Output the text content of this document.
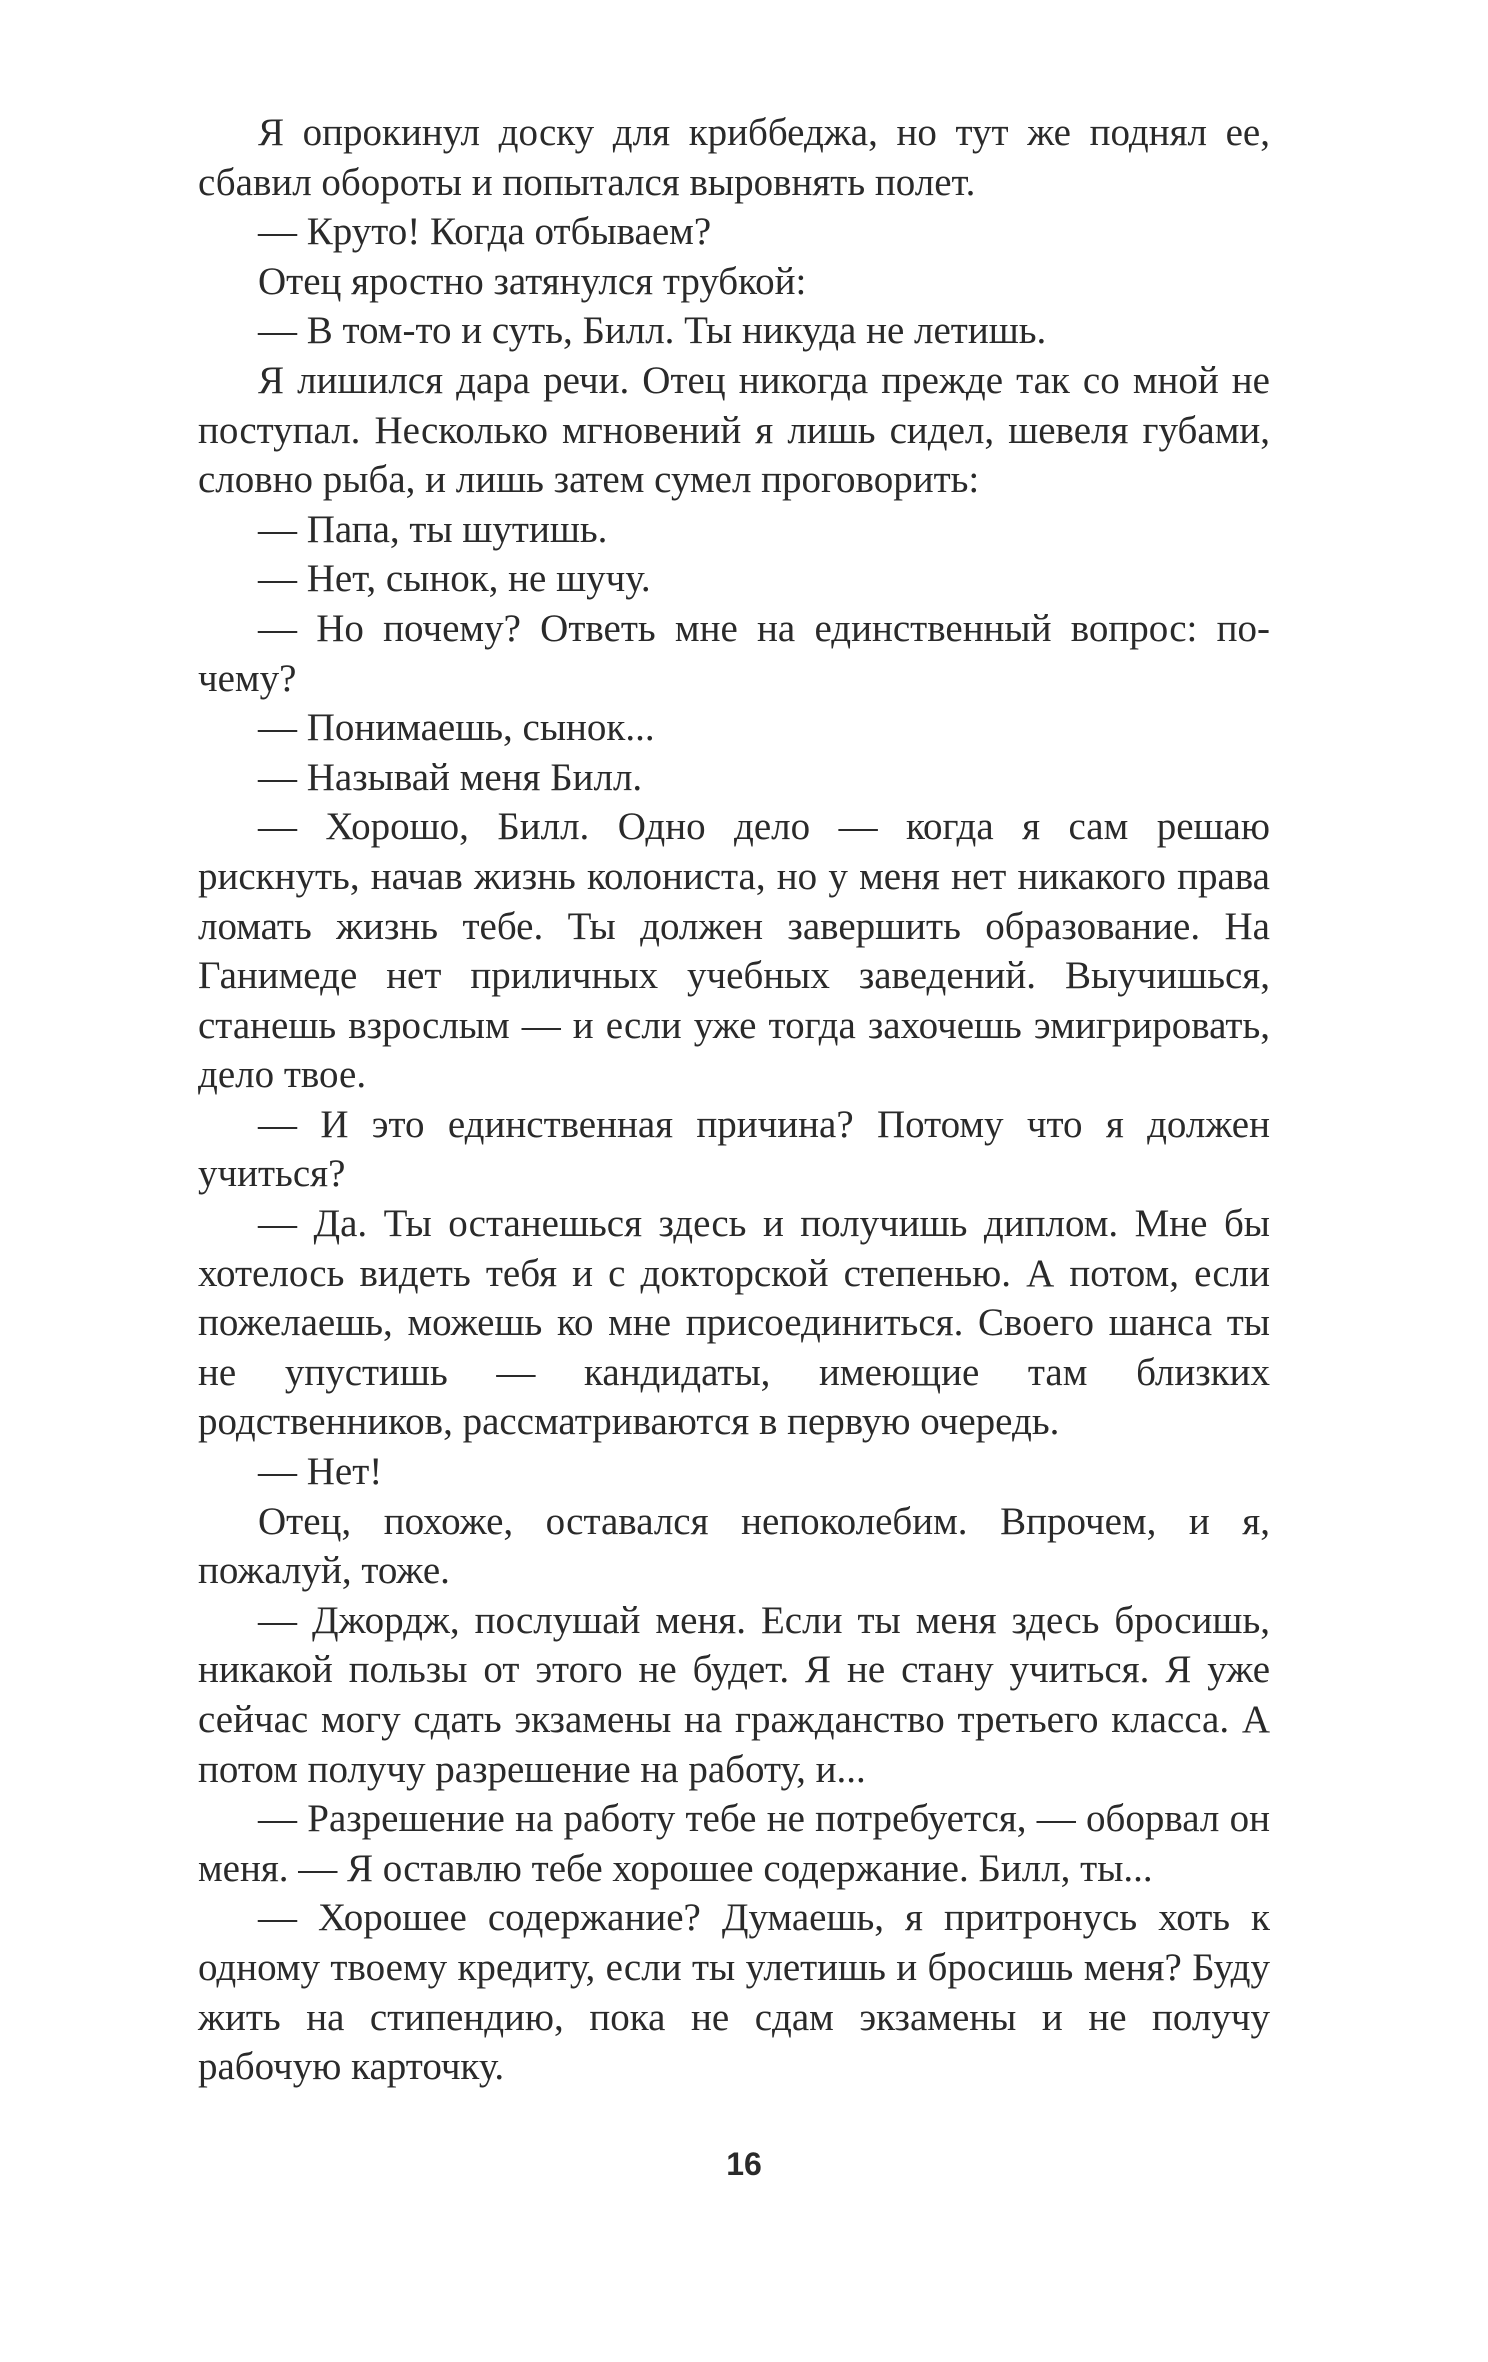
Я опрокинул доску для криббеджа, но тут же поднял ее, сбавил обороты и попытался выровнять полет.

— Круто! Когда отбываем?

Отец яростно затянулся трубкой:

— В том-то и суть, Билл. Ты никуда не летишь.

Я лишился дара речи. Отец никогда прежде так со мной не поступал. Несколько мгновений я лишь сидел, шевеля губами, словно рыба, и лишь затем сумел проговорить:

— Папа, ты шутишь.

— Нет, сынок, не шучу.

— Но почему? Ответь мне на единственный вопрос: почему?

— Понимаешь, сынок...

— Называй меня Билл.

— Хорошо, Билл. Одно дело — когда я сам решаю рискнуть, начав жизнь колониста, но у меня нет никакого права ломать жизнь тебе. Ты должен завершить образование. На Ганимеде нет приличных учебных заведений. Выучишься, станешь взрослым — и если уже тогда захочешь эмигрировать, дело твое.

— И это единственная причина? Потому что я должен учиться?

— Да. Ты останешься здесь и получишь диплом. Мне бы хотелось видеть тебя и с докторской степенью. А потом, если пожелаешь, можешь ко мне присоединиться. Своего шанса ты не упустишь — кандидаты, имеющие там близких родственников, рассматриваются в первую очередь.

— Нет!

Отец, похоже, оставался непоколебим. Впрочем, и я, пожалуй, тоже.

— Джордж, послушай меня. Если ты меня здесь бросишь, никакой пользы от этого не будет. Я не стану учиться. Я уже сейчас могу сдать экзамены на гражданство третьего класса. А потом получу разрешение на работу, и...

— Разрешение на работу тебе не потребуется, — оборвал он меня. — Я оставлю тебе хорошее содержание. Билл, ты...

— Хорошее содержание? Думаешь, я притронусь хоть к одному твоему кредиту, если ты улетишь и бросишь меня? Буду жить на стипендию, пока не сдам экзамены и не получу рабочую карточку.

16
